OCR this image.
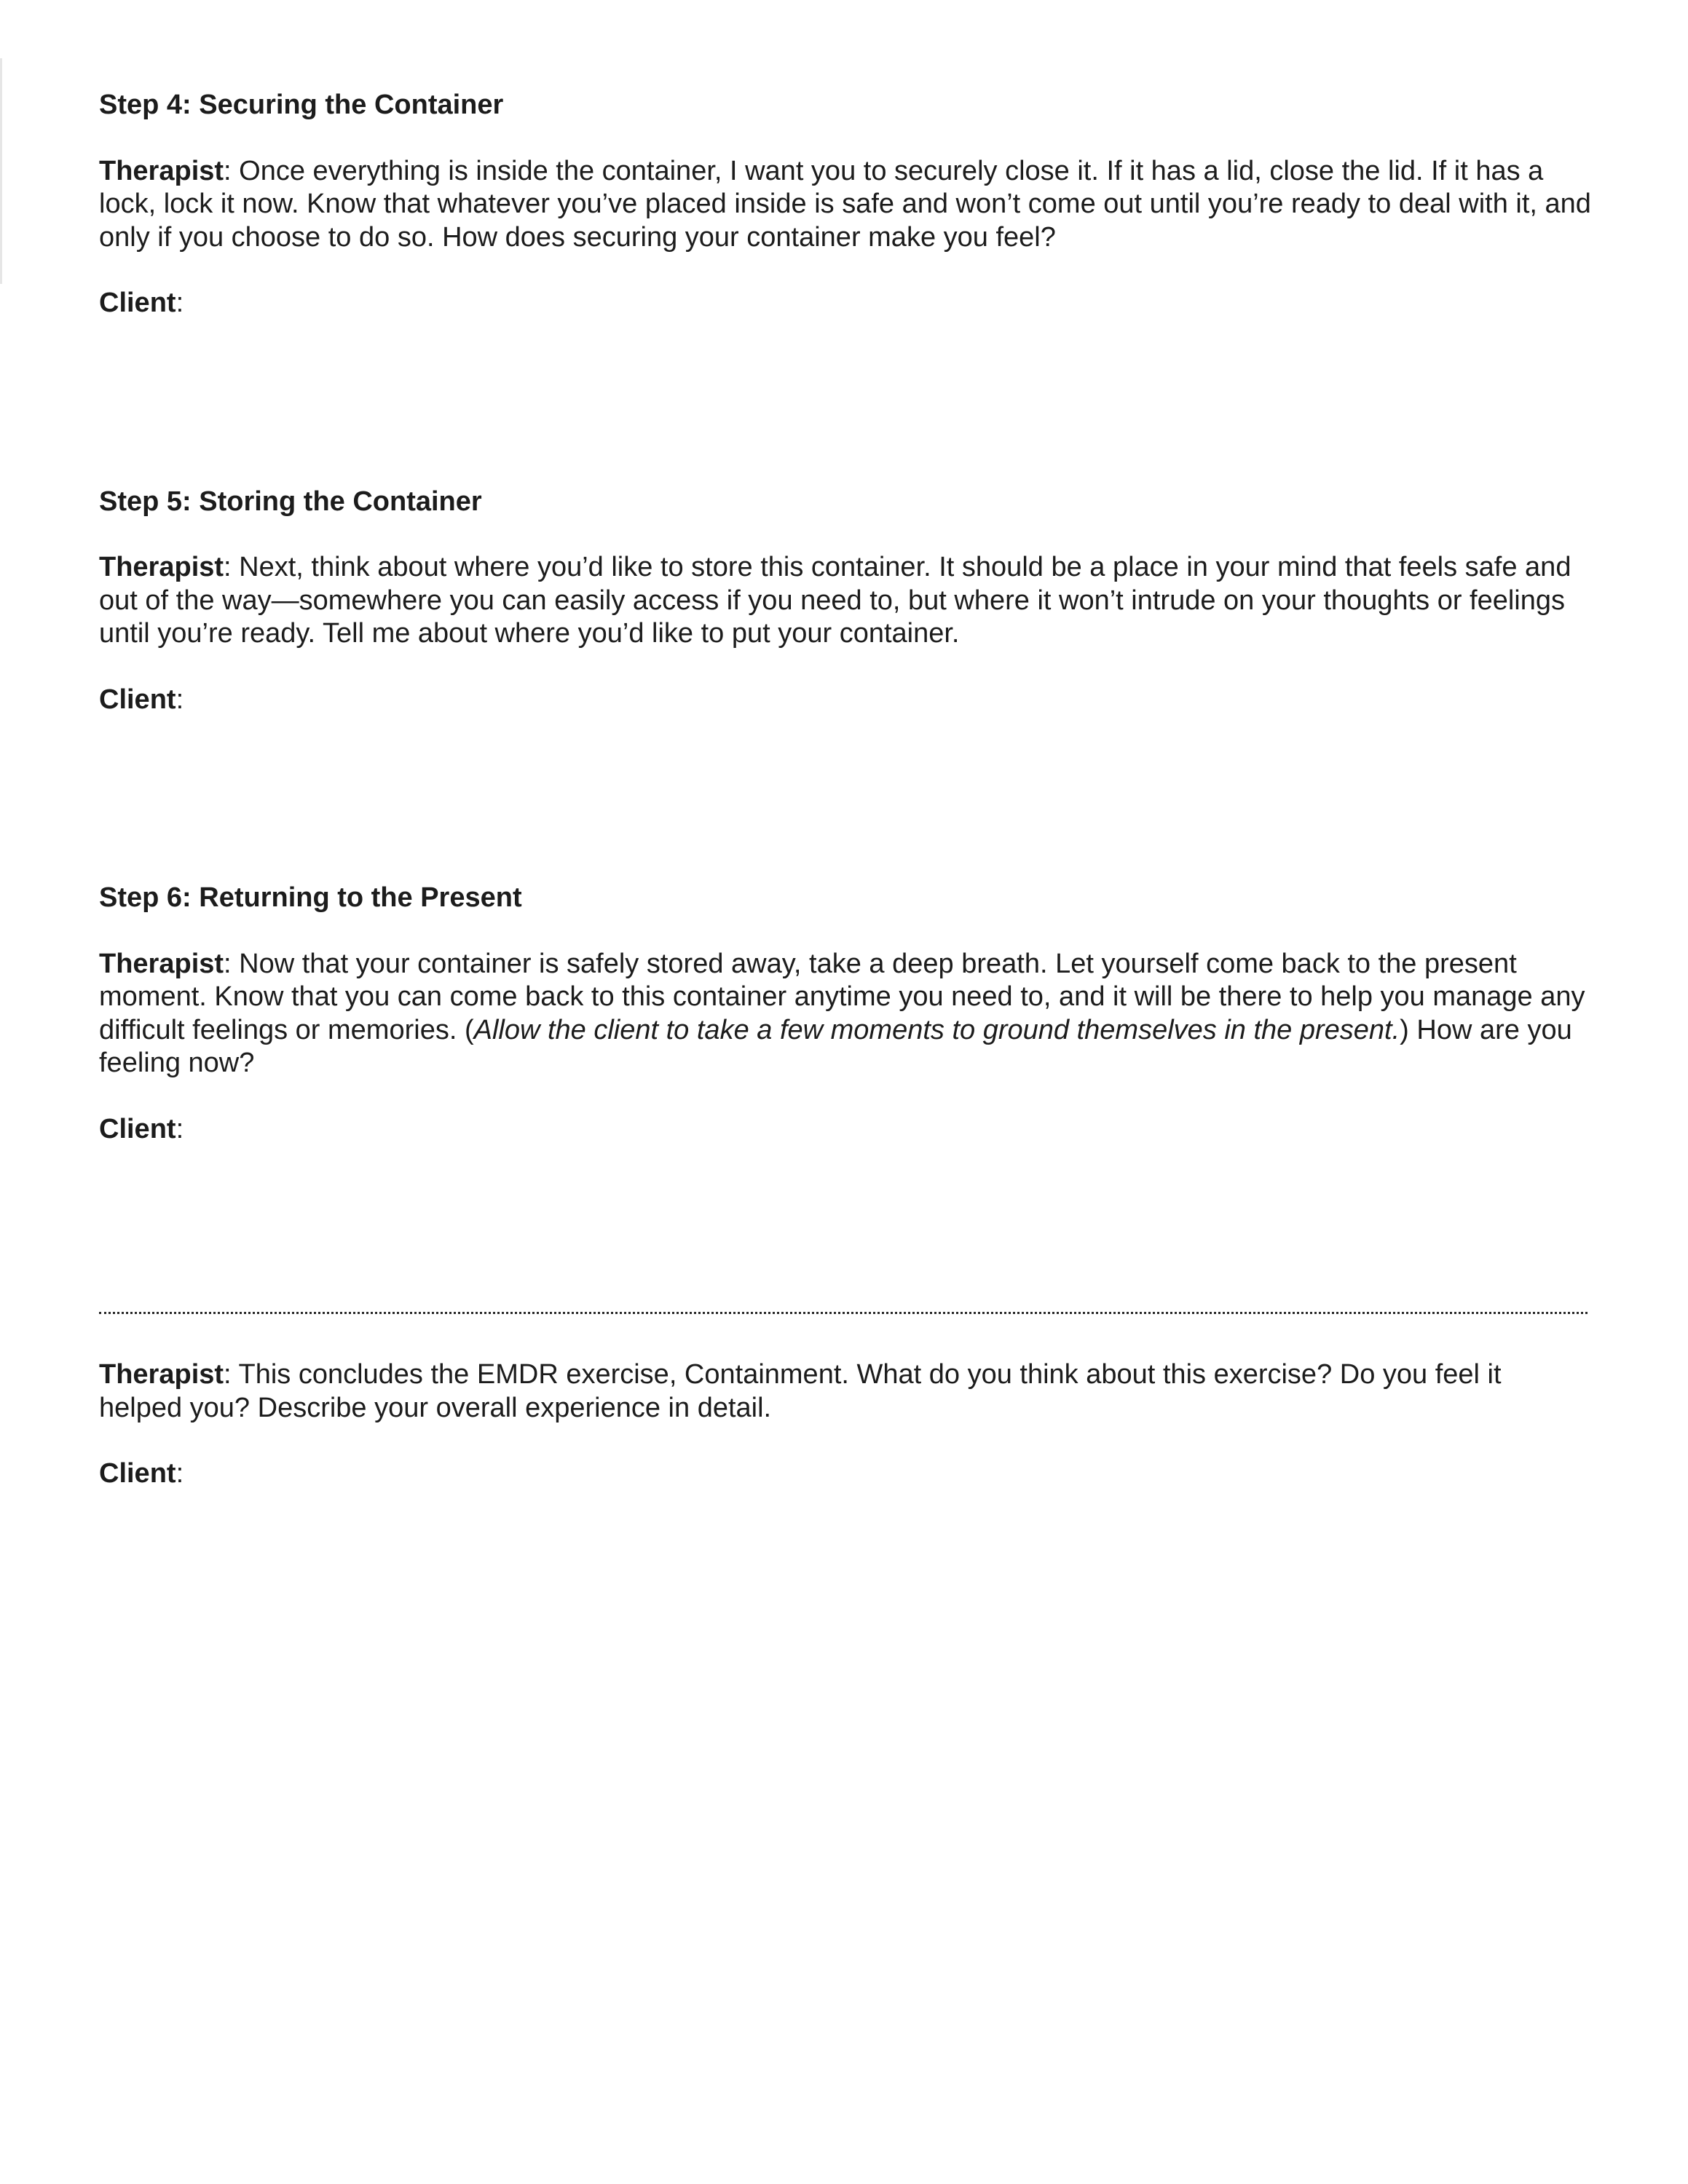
Step 4: Securing the Container

Therapist: Once everything is inside the container, I want you to securely close it. If it has a lid, close the lid. If it has a lock, lock it now. Know that whatever you’ve placed inside is safe and won’t come out until you’re ready to deal with it, and only if you choose to do so. How does securing your container make you feel?

Client:

Step 5: Storing the Container

Therapist: Next, think about where you’d like to store this container. It should be a place in your mind that feels safe and out of the way—somewhere you can easily access if you need to, but where it won’t intrude on your thoughts or feelings until you’re ready. Tell me about where you’d like to put your container.

Client:

Step 6: Returning to the Present

Therapist: Now that your container is safely stored away, take a deep breath. Let yourself come back to the present moment. Know that you can come back to this container anytime you need to, and it will be there to help you manage any difficult feelings or memories. (Allow the client to take a few moments to ground themselves in the present.) How are you feeling now?

Client:

Therapist: This concludes the EMDR exercise, Containment. What do you think about this exercise? Do you feel it helped you? Describe your overall experience in detail.

Client:
